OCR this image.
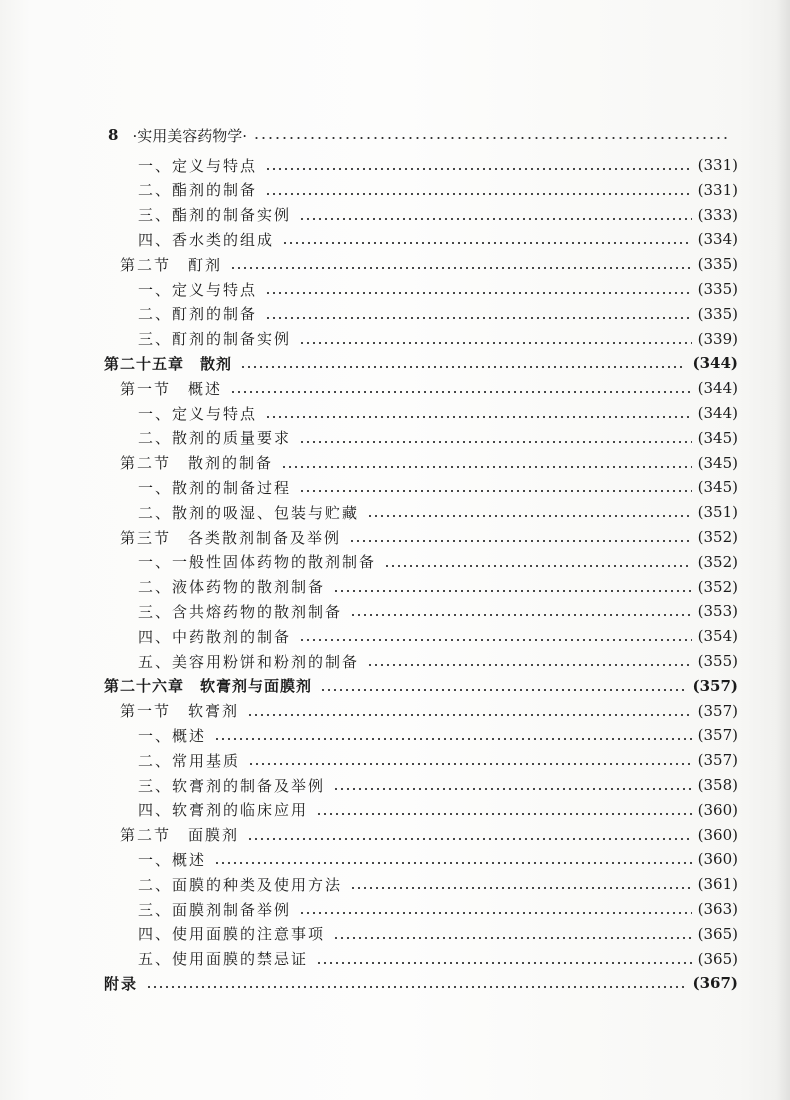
8 ·实用美容药物学·
一、定义与特点	(331)
二、酯剂的制备	(331)
三、酯剂的制备实例	(333)
四、香水类的组成	(334)
第二节　酊剂	(335)
一、定义与特点	(335)
二、酊剂的制备	(335)
三、酊剂的制备实例	(339)
第二十五章　散剂	(344)
第一节　概述	(344)
一、定义与特点	(344)
二、散剂的质量要求	(345)
第二节　散剂的制备	(345)
一、散剂的制备过程	(345)
二、散剂的吸湿、包装与贮藏	(351)
第三节　各类散剂制备及举例	(352)
一、一般性固体药物的散剂制备	(352)
二、液体药物的散剂制备	(352)
三、含共熔药物的散剂制备	(353)
四、中药散剂的制备	(354)
五、美容用粉饼和粉剂的制备	(355)
第二十六章　软膏剂与面膜剂	(357)
第一节　软膏剂	(357)
一、概述	(357)
二、常用基质	(357)
三、软膏剂的制备及举例	(358)
四、软膏剂的临床应用	(360)
第二节　面膜剂	(360)
一、概述	(360)
二、面膜的种类及使用方法	(361)
三、面膜剂制备举例	(363)
四、使用面膜的注意事项	(365)
五、使用面膜的禁忌证	(365)
附录	(367)
